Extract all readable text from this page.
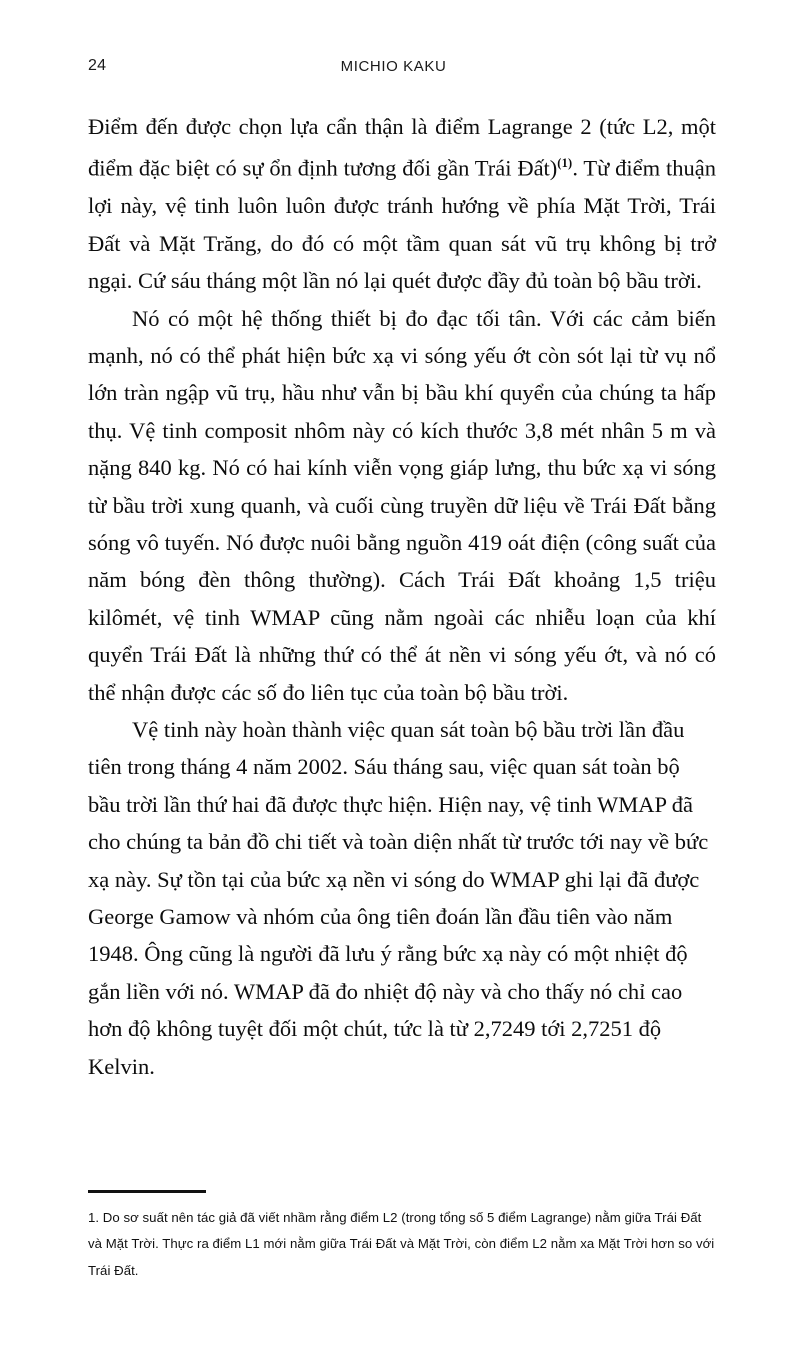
24	MICHIO KAKU

Điểm đến được chọn lựa cẩn thận là điểm Lagrange 2 (tức L2, một điểm đặc biệt có sự ổn định tương đối gần Trái Đất)$^{(1)}$. Từ điểm thuận lợi này, vệ tinh luôn luôn được tránh hướng về phía Mặt Trời, Trái Đất và Mặt Trăng, do đó có một tầm quan sát vũ trụ không bị trở ngại. Cứ sáu tháng một lần nó lại quét được đầy đủ toàn bộ bầu trời.

Nó có một hệ thống thiết bị đo đạc tối tân. Với các cảm biến mạnh, nó có thể phát hiện bức xạ vi sóng yếu ớt còn sót lại từ vụ nổ lớn tràn ngập vũ trụ, hầu như vẫn bị bầu khí quyển của chúng ta hấp thụ. Vệ tinh composit nhôm này có kích thước 3,8 mét nhân 5 m và nặng 840 kg. Nó có hai kính viễn vọng giáp lưng, thu bức xạ vi sóng từ bầu trời xung quanh, và cuối cùng truyền dữ liệu về Trái Đất bằng sóng vô tuyến. Nó được nuôi bằng nguồn 419 oát điện (công suất của năm bóng đèn thông thường). Cách Trái Đất khoảng 1,5 triệu kilômét, vệ tinh WMAP cũng nằm ngoài các nhiễu loạn của khí quyển Trái Đất là những thứ có thể át nền vi sóng yếu ớt, và nó có thể nhận được các số đo liên tục của toàn bộ bầu trời.

Vệ tinh này hoàn thành việc quan sát toàn bộ bầu trời lần đầu tiên trong tháng 4 năm 2002. Sáu tháng sau, việc quan sát toàn bộ bầu trời lần thứ hai đã được thực hiện. Hiện nay, vệ tinh WMAP đã cho chúng ta bản đồ chi tiết và toàn diện nhất từ trước tới nay về bức xạ này. Sự tồn tại của bức xạ nền vi sóng do WMAP ghi lại đã được George Gamow và nhóm của ông tiên đoán lần đầu tiên vào năm 1948. Ông cũng là người đã lưu ý rằng bức xạ này có một nhiệt độ gắn liền với nó. WMAP đã đo nhiệt độ này và cho thấy nó chỉ cao hơn độ không tuyệt đối một chút, tức là từ 2,7249 tới 2,7251 độ Kelvin.

1. Do sơ suất nên tác giả đã viết nhầm rằng điểm L2 (trong tổng số 5 điểm Lagrange) nằm giữa Trái Đất và Mặt Trời. Thực ra điểm L1 mới nằm giữa Trái Đất và Mặt Trời, còn điểm L2 nằm xa Mặt Trời hơn so với Trái Đất.
